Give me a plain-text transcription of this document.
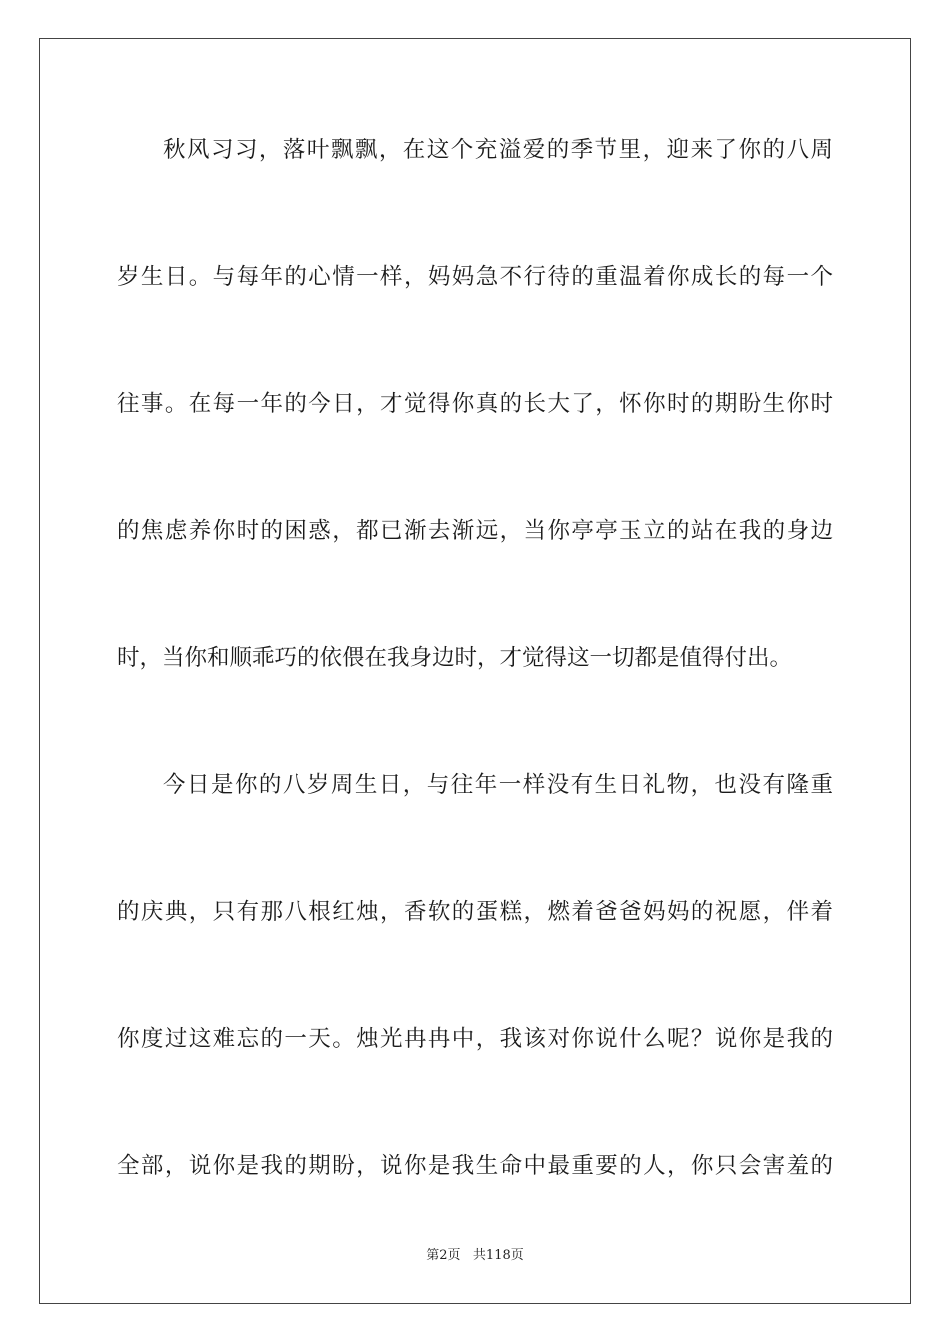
秋风习习，落叶飘飘，在这个充溢爱的季节里，迎来了你的八周
岁生日。与每年的心情一样，妈妈急不行待的重温着你成长的每一个
往事。在每一年的今日，才觉得你真的长大了，怀你时的期盼生你时
的焦虑养你时的困惑，都已渐去渐远，当你亭亭玉立的站在我的身边
时，当你和顺乖巧的依偎在我身边时，才觉得这一切都是值得付出。
今日是你的八岁周生日，与往年一样没有生日礼物，也没有隆重
的庆典，只有那八根红烛，香软的蛋糕，燃着爸爸妈妈的祝愿，伴着
你度过这难忘的一天。烛光冉冉中，我该对你说什么呢？说你是我的
全部，说你是我的期盼，说你是我生命中最重要的人，你只会害羞的
第2页 共118页
